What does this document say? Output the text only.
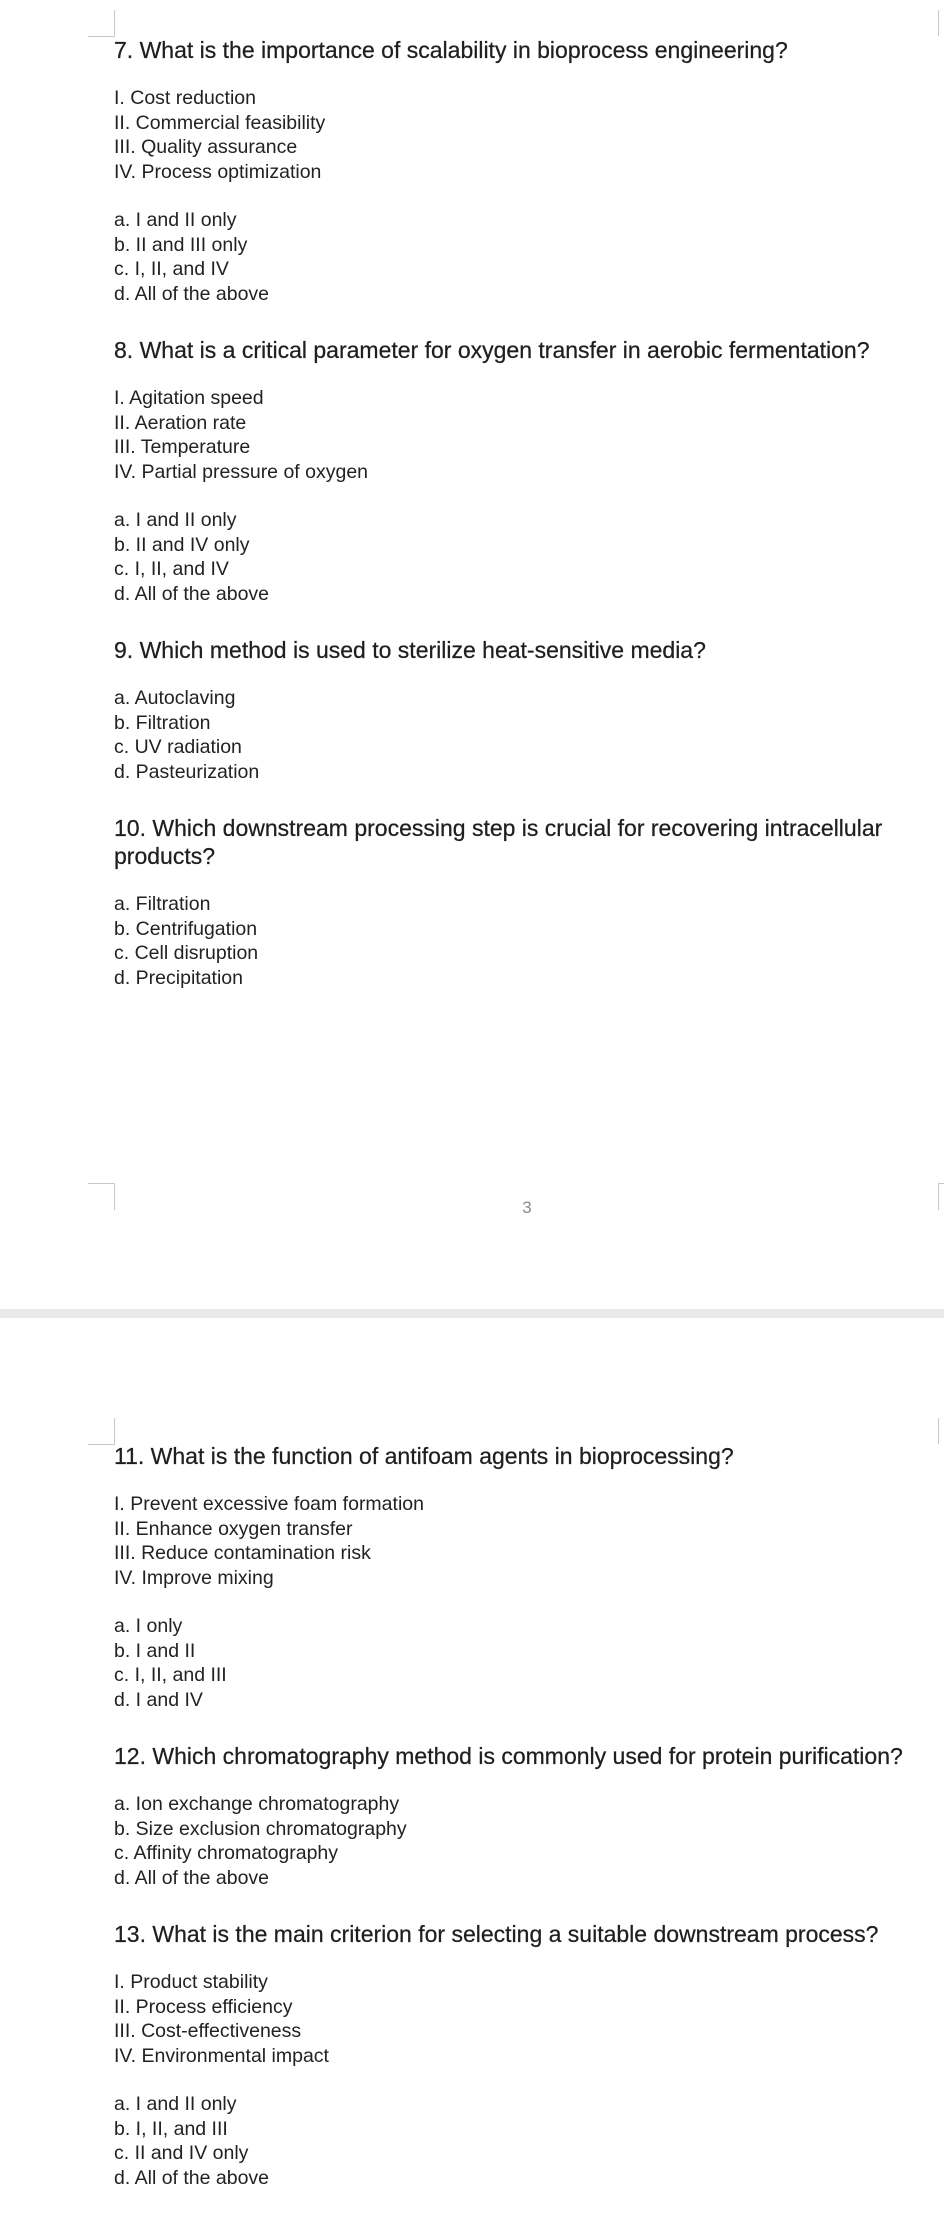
7. What is the importance of scalability in bioprocess engineering?
I. Cost reduction
II. Commercial feasibility
III. Quality assurance
IV. Process optimization
a. I and II only
b. II and III only
c. I, II, and IV
d. All of the above
8. What is a critical parameter for oxygen transfer in aerobic fermentation?
I. Agitation speed
II. Aeration rate
III. Temperature
IV. Partial pressure of oxygen
a. I and II only
b. II and IV only
c. I, II, and IV
d. All of the above
9. Which method is used to sterilize heat-sensitive media?
a. Autoclaving
b. Filtration
c. UV radiation
d. Pasteurization
10. Which downstream processing step is crucial for recovering intracellular products?
a. Filtration
b. Centrifugation
c. Cell disruption
d. Precipitation
3
11. What is the function of antifoam agents in bioprocessing?
I. Prevent excessive foam formation
II. Enhance oxygen transfer
III. Reduce contamination risk
IV. Improve mixing
a. I only
b. I and II
c. I, II, and III
d. I and IV
12. Which chromatography method is commonly used for protein purification?
a. Ion exchange chromatography
b. Size exclusion chromatography
c. Affinity chromatography
d. All of the above
13. What is the main criterion for selecting a suitable downstream process?
I. Product stability
II. Process efficiency
III. Cost-effectiveness
IV. Environmental impact
a. I and II only
b. I, II, and III
c. II and IV only
d. All of the above
